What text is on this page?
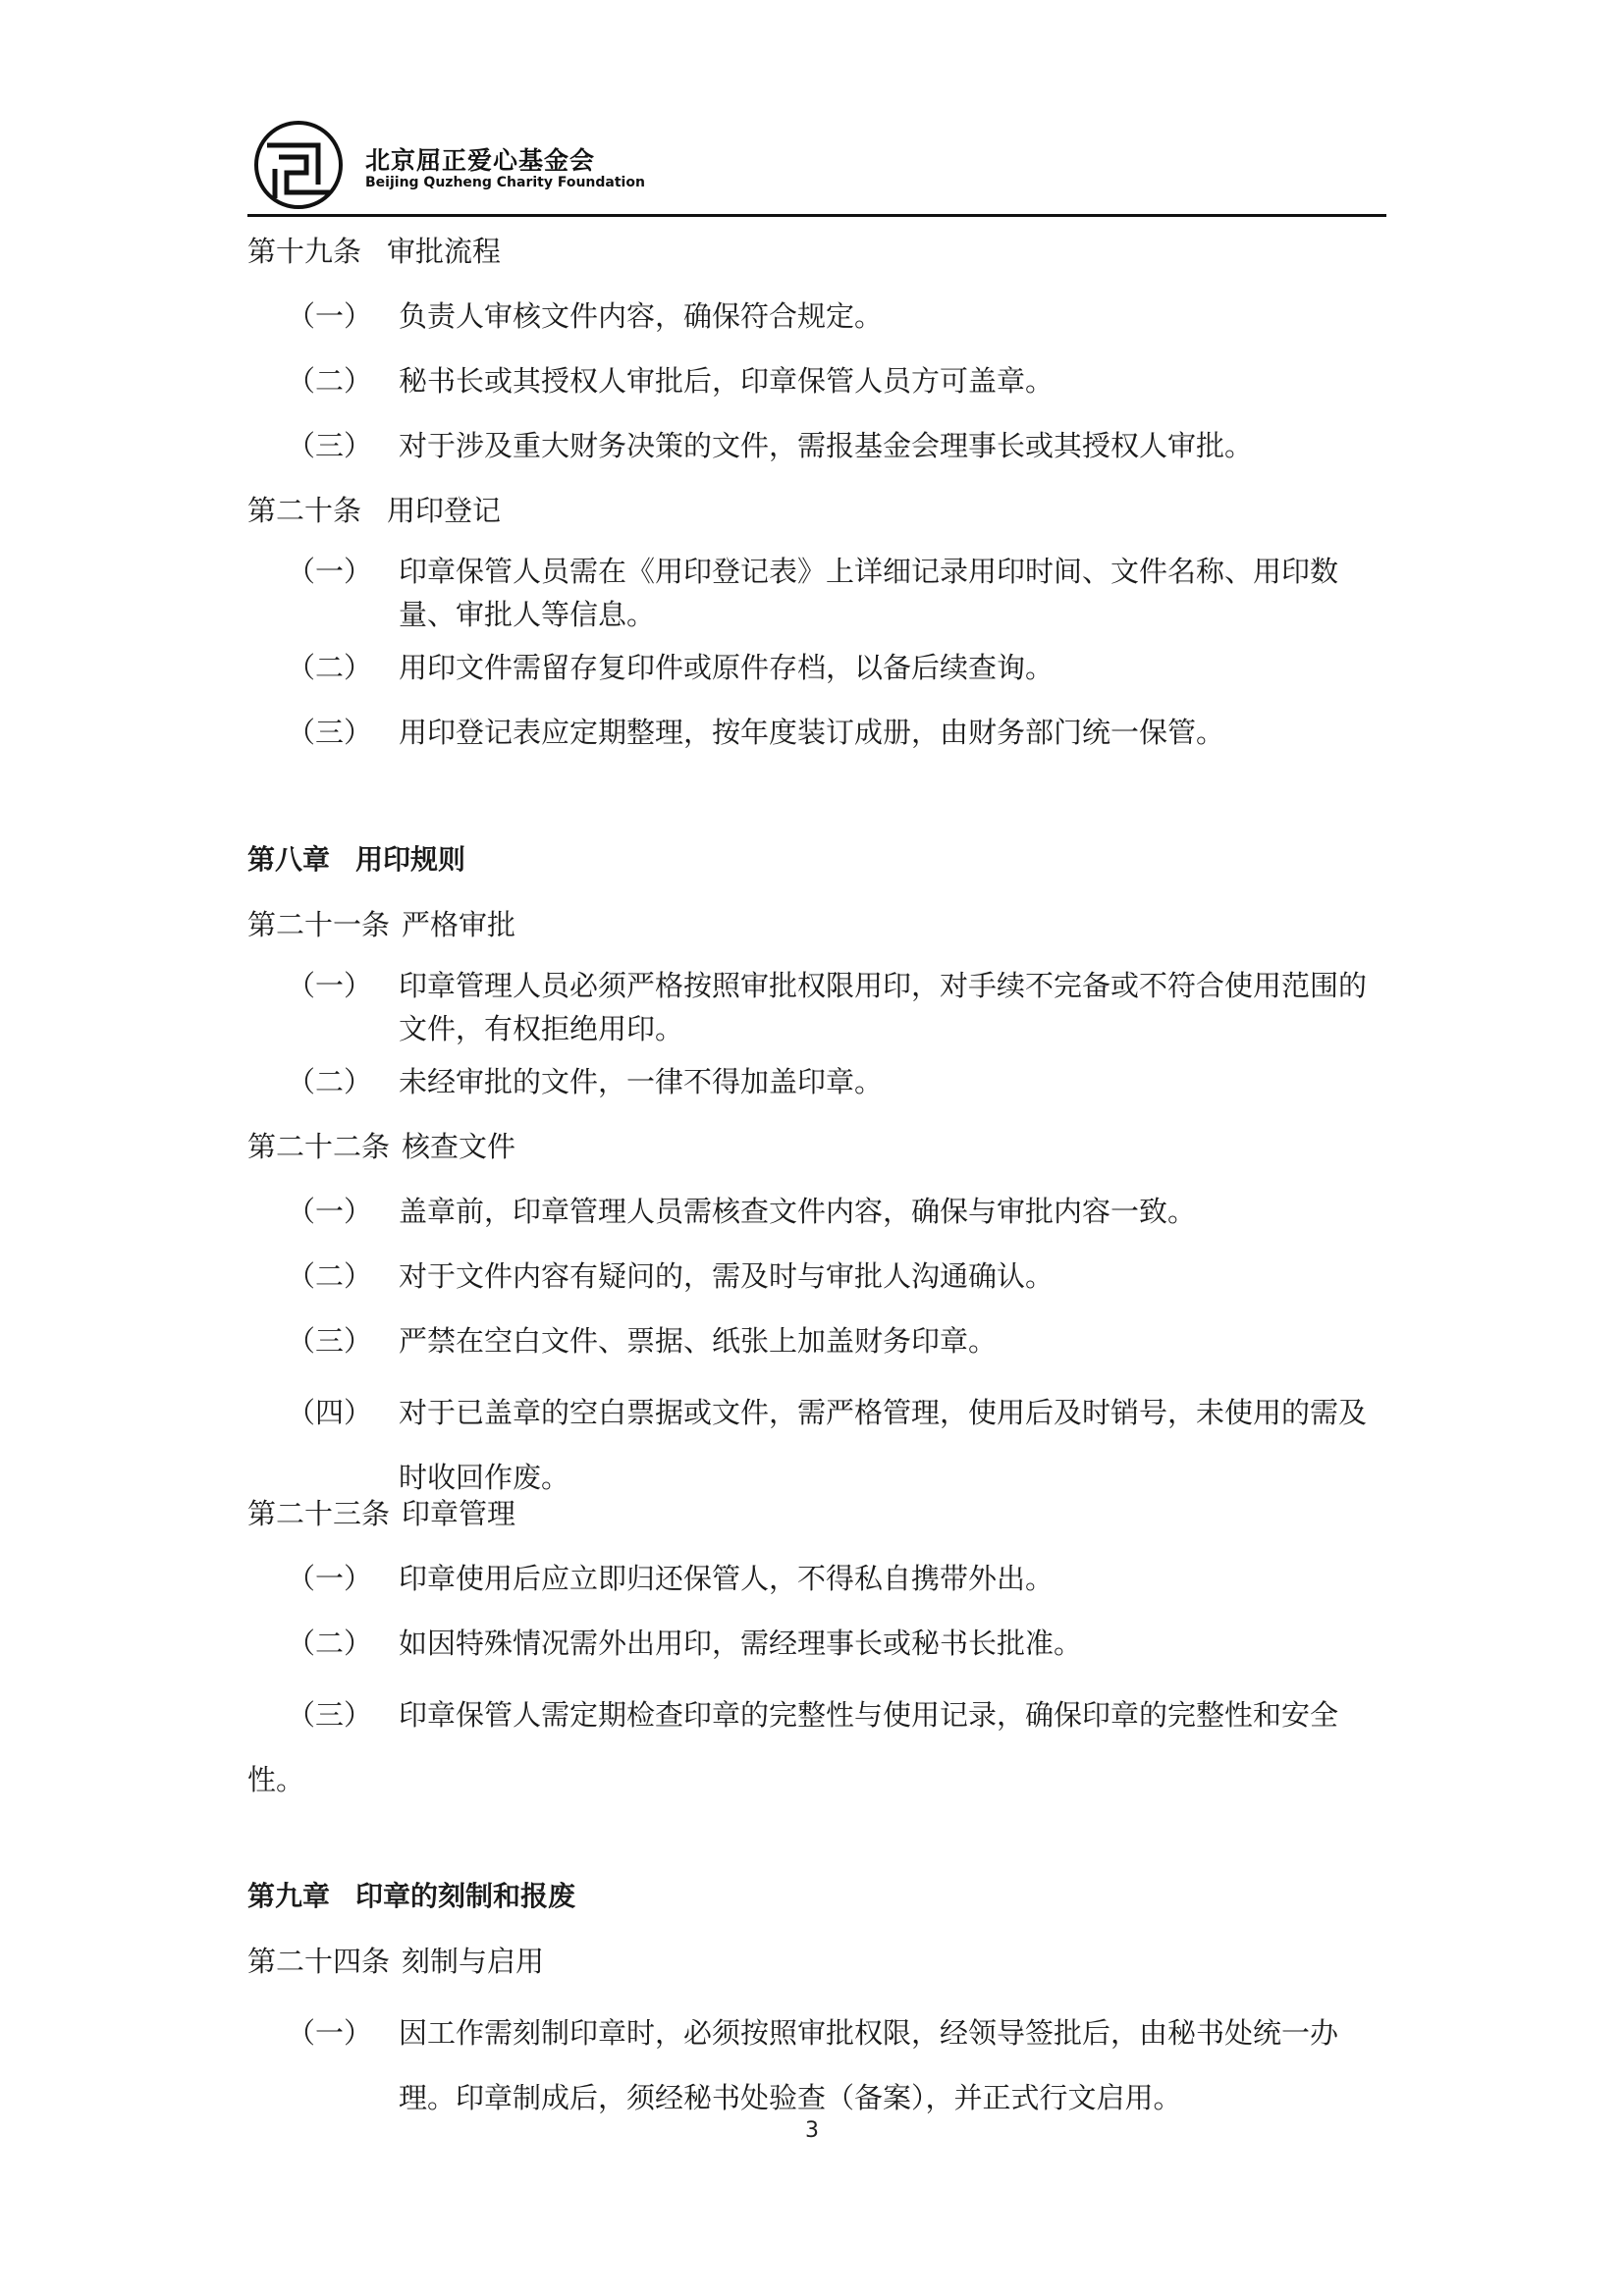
北京屈正爱心基金会
Beijing Quzheng Charity Foundation

第十九条 审批流程

（一） 负责人审核文件内容，确保符合规定。

（二） 秘书长或其授权人审批后，印章保管人员方可盖章。

（三） 对于涉及重大财务决策的文件，需报基金会理事长或其授权人审批。

第二十条 用印登记

（一） 印章保管人员需在《用印登记表》上详细记录用印时间、文件名称、用印数量、审批人等信息。

（二） 用印文件需留存复印件或原件存档，以备后续查询。

（三） 用印登记表应定期整理，按年度装订成册，由财务部门统一保管。

第八章 用印规则

第二十一条 严格审批

（一） 印章管理人员必须严格按照审批权限用印，对手续不完备或不符合使用范围的文件，有权拒绝用印。

（二） 未经审批的文件，一律不得加盖印章。

第二十二条 核查文件

（一） 盖章前，印章管理人员需核查文件内容，确保与审批内容一致。

（二） 对于文件内容有疑问的，需及时与审批人沟通确认。

（三） 严禁在空白文件、票据、纸张上加盖财务印章。

（四） 对于已盖章的空白票据或文件，需严格管理，使用后及时销号，未使用的需及时收回作废。

第二十三条 印章管理

（一） 印章使用后应立即归还保管人，不得私自携带外出。

（二） 如因特殊情况需外出用印，需经理事长或秘书长批准。

（三） 印章保管人需定期检查印章的完整性与使用记录，确保印章的完整性和安全性。

第九章 印章的刻制和报废

第二十四条 刻制与启用

（一） 因工作需刻制印章时，必须按照审批权限，经领导签批后，由秘书处统一办理。印章制成后，须经秘书处验查（备案），并正式行文启用。

3
